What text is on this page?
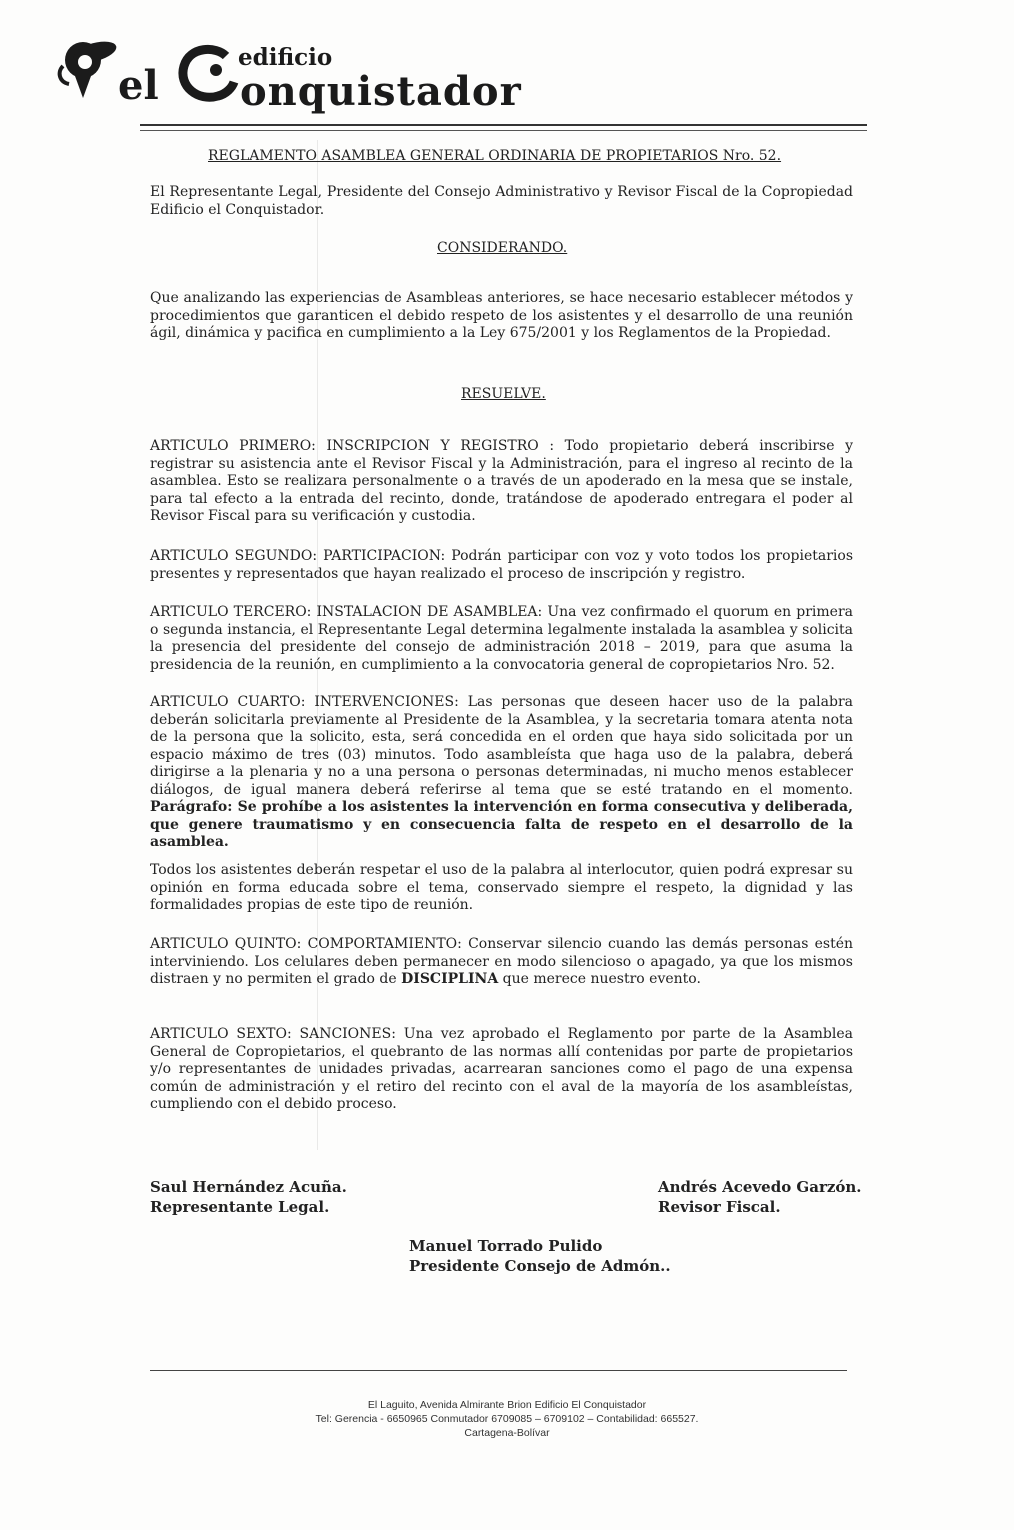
el
edificio
onquistador
REGLAMENTO ASAMBLEA GENERAL ORDINARIA DE PROPIETARIOS Nro. 52.
El Representante Legal, Presidente del Consejo Administrativo y Revisor Fiscal de la Copropiedad Edificio el Conquistador.
CONSIDERANDO.
Que analizando las experiencias de Asambleas anteriores, se hace necesario establecer métodos y procedimientos que garanticen el debido respeto de los asistentes y el desarrollo de una reunión ágil, dinámica y pacifica en cumplimiento a la Ley 675/2001 y los Reglamentos de la Propiedad.
RESUELVE.
ARTICULO PRIMERO: INSCRIPCION Y REGISTRO : Todo propietario deberá inscribirse y registrar su asistencia ante el Revisor Fiscal y la Administración, para el ingreso al recinto de la asamblea. Esto se realizara personalmente o a través de un apoderado en la mesa que se instale, para tal efecto a la entrada del recinto, donde, tratándose de apoderado entregara el poder al Revisor Fiscal para su verificación y custodia.
ARTICULO SEGUNDO: PARTICIPACION: Podrán participar con voz y voto todos los propietarios presentes y representados que hayan realizado el proceso de inscripción y registro.
ARTICULO TERCERO: INSTALACION DE ASAMBLEA: Una vez confirmado el quorum en primera o segunda instancia, el Representante Legal determina legalmente instalada la asamblea y solicita la presencia del presidente del consejo de administración 2018 – 2019, para que asuma la presidencia de la reunión, en cumplimiento a la convocatoria general de copropietarios Nro. 52.
ARTICULO CUARTO: INTERVENCIONES: Las personas que deseen hacer uso de la palabra deberán solicitarla previamente al Presidente de la Asamblea, y la secretaria tomara atenta nota de la persona que la solicito, esta, será concedida en el orden que haya sido solicitada por un espacio máximo de tres (03) minutos. Todo asambleísta que haga uso de la palabra, deberá dirigirse a la plenaria y no a una persona o personas determinadas, ni mucho menos establecer diálogos, de igual manera deberá referirse al tema que se esté tratando en el momento. Parágrafo: Se prohíbe a los asistentes la intervención en forma consecutiva y deliberada, que genere traumatismo y en consecuencia falta de respeto en el desarrollo de la asamblea.
Todos los asistentes deberán respetar el uso de la palabra al interlocutor, quien podrá expresar su opinión en forma educada sobre el tema, conservado siempre el respeto, la dignidad y las formalidades propias de este tipo de reunión.
ARTICULO QUINTO: COMPORTAMIENTO: Conservar silencio cuando las demás personas estén interviniendo. Los celulares deben permanecer en modo silencioso o apagado, ya que los mismos distraen y no permiten el grado de DISCIPLINA que merece nuestro evento.
ARTICULO SEXTO: SANCIONES: Una vez aprobado el Reglamento por parte de la Asamblea General de Copropietarios, el quebranto de las normas allí contenidas por parte de propietarios y/o representantes de unidades privadas, acarrearan sanciones como el pago de una expensa común de administración y el retiro del recinto con el aval de la mayoría de los asambleístas, cumpliendo con el debido proceso.
Saul Hernández Acuña.
Representante Legal.
Andrés Acevedo Garzón.
Revisor Fiscal.
Manuel Torrado Pulido
Presidente Consejo de Admón..
El Laguito, Avenida Almirante Brion Edificio El Conquistador
Tel: Gerencia - 6650965 Conmutador 6709085 – 6709102 – Contabilidad: 665527.
Cartagena-Bolívar
